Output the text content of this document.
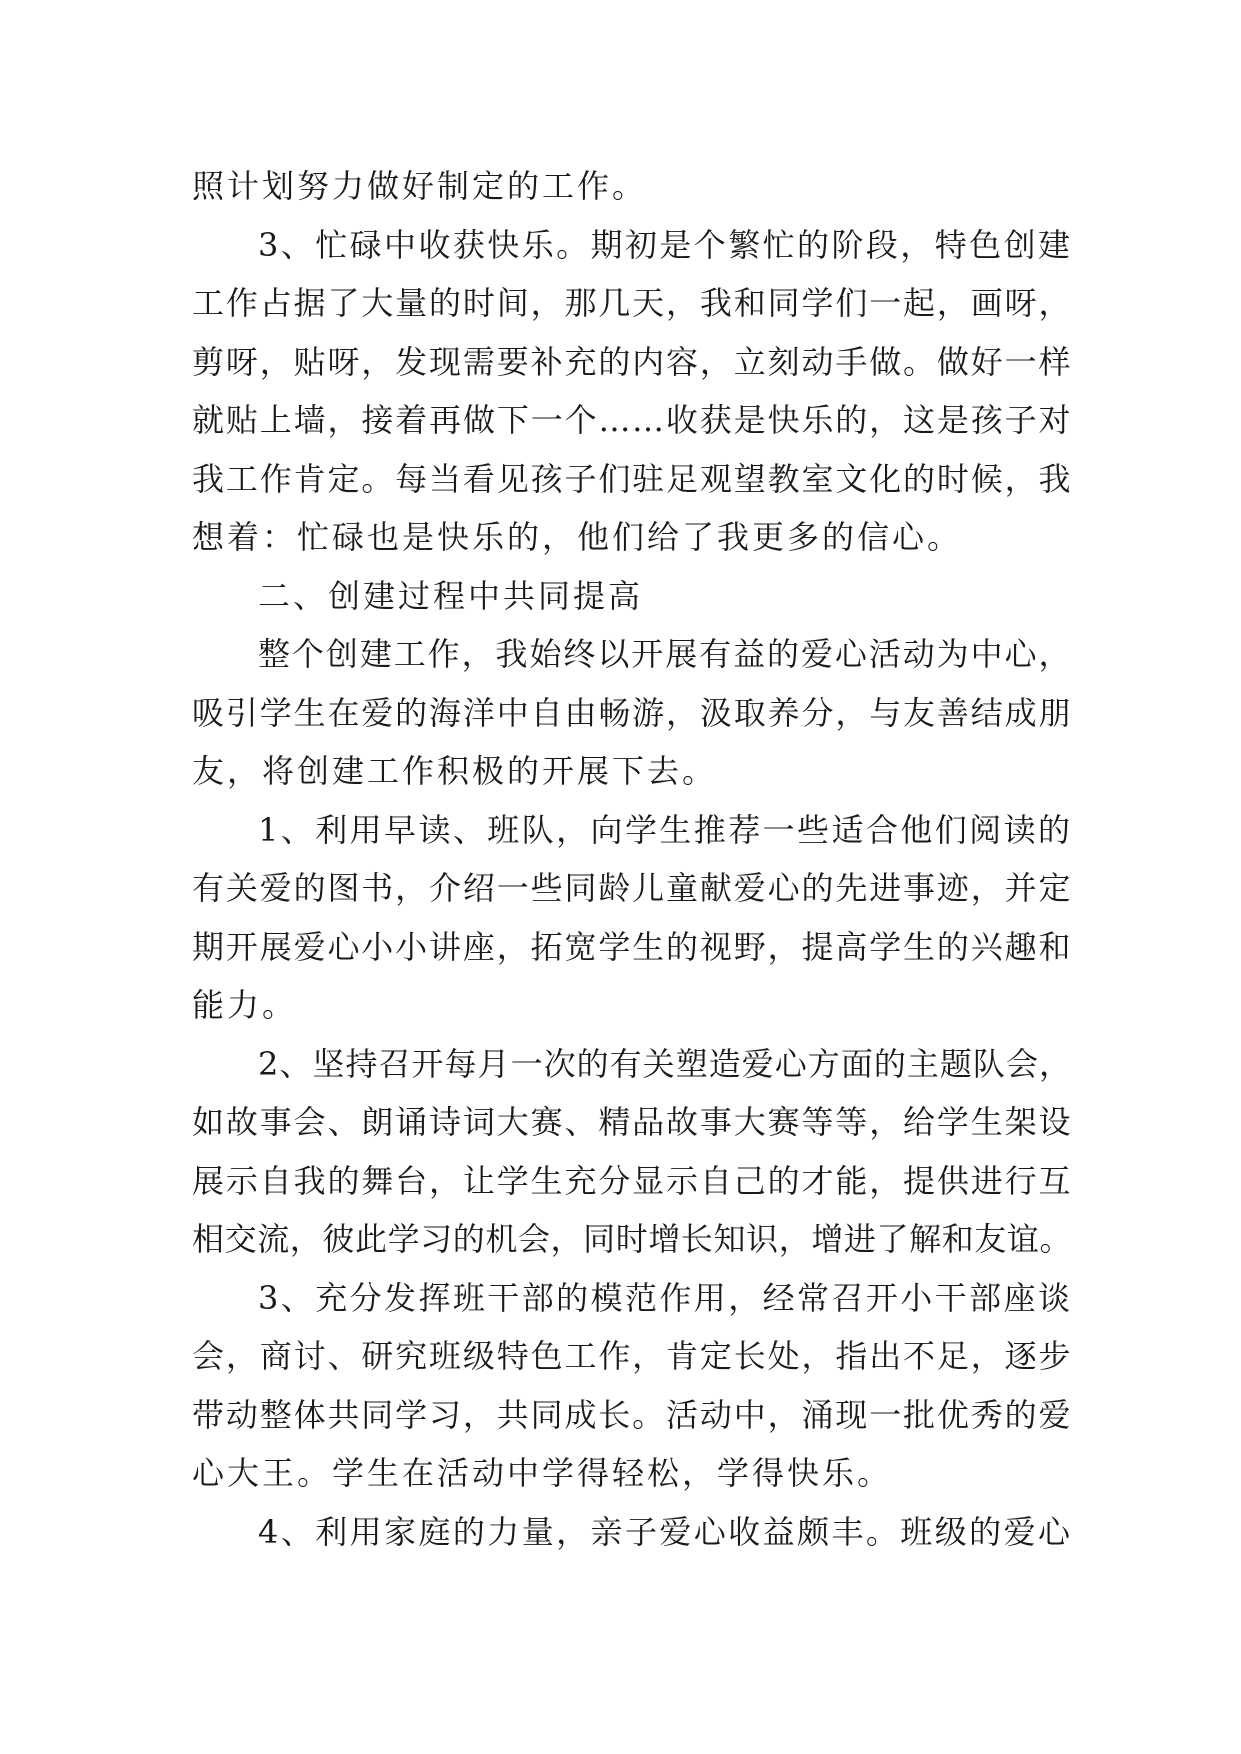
照计划努力做好制定的工作。
3、忙碌中收获快乐。期初是个繁忙的阶段，特色创建
工作占据了大量的时间，那几天，我和同学们一起，画呀，
剪呀，贴呀，发现需要补充的内容，立刻动手做。做好一样
就贴上墙，接着再做下一个……收获是快乐的，这是孩子对
我工作肯定。每当看见孩子们驻足观望教室文化的时候，我
想着：忙碌也是快乐的，他们给了我更多的信心。
二、创建过程中共同提高
整个创建工作，我始终以开展有益的爱心活动为中心，
吸引学生在爱的海洋中自由畅游，汲取养分，与友善结成朋
友，将创建工作积极的开展下去。
1、利用早读、班队，向学生推荐一些适合他们阅读的
有关爱的图书，介绍一些同龄儿童献爱心的先进事迹，并定
期开展爱心小小讲座，拓宽学生的视野，提高学生的兴趣和
能力。
2、坚持召开每月一次的有关塑造爱心方面的主题队会，
如故事会、朗诵诗词大赛、精品故事大赛等等，给学生架设
展示自我的舞台，让学生充分显示自己的才能，提供进行互
相交流，彼此学习的机会，同时增长知识，增进了解和友谊。
3、充分发挥班干部的模范作用，经常召开小干部座谈
会，商讨、研究班级特色工作，肯定长处，指出不足，逐步
带动整体共同学习，共同成长。活动中，涌现一批优秀的爱
心大王。学生在活动中学得轻松，学得快乐。
4、利用家庭的力量，亲子爱心收益颇丰。班级的爱心
